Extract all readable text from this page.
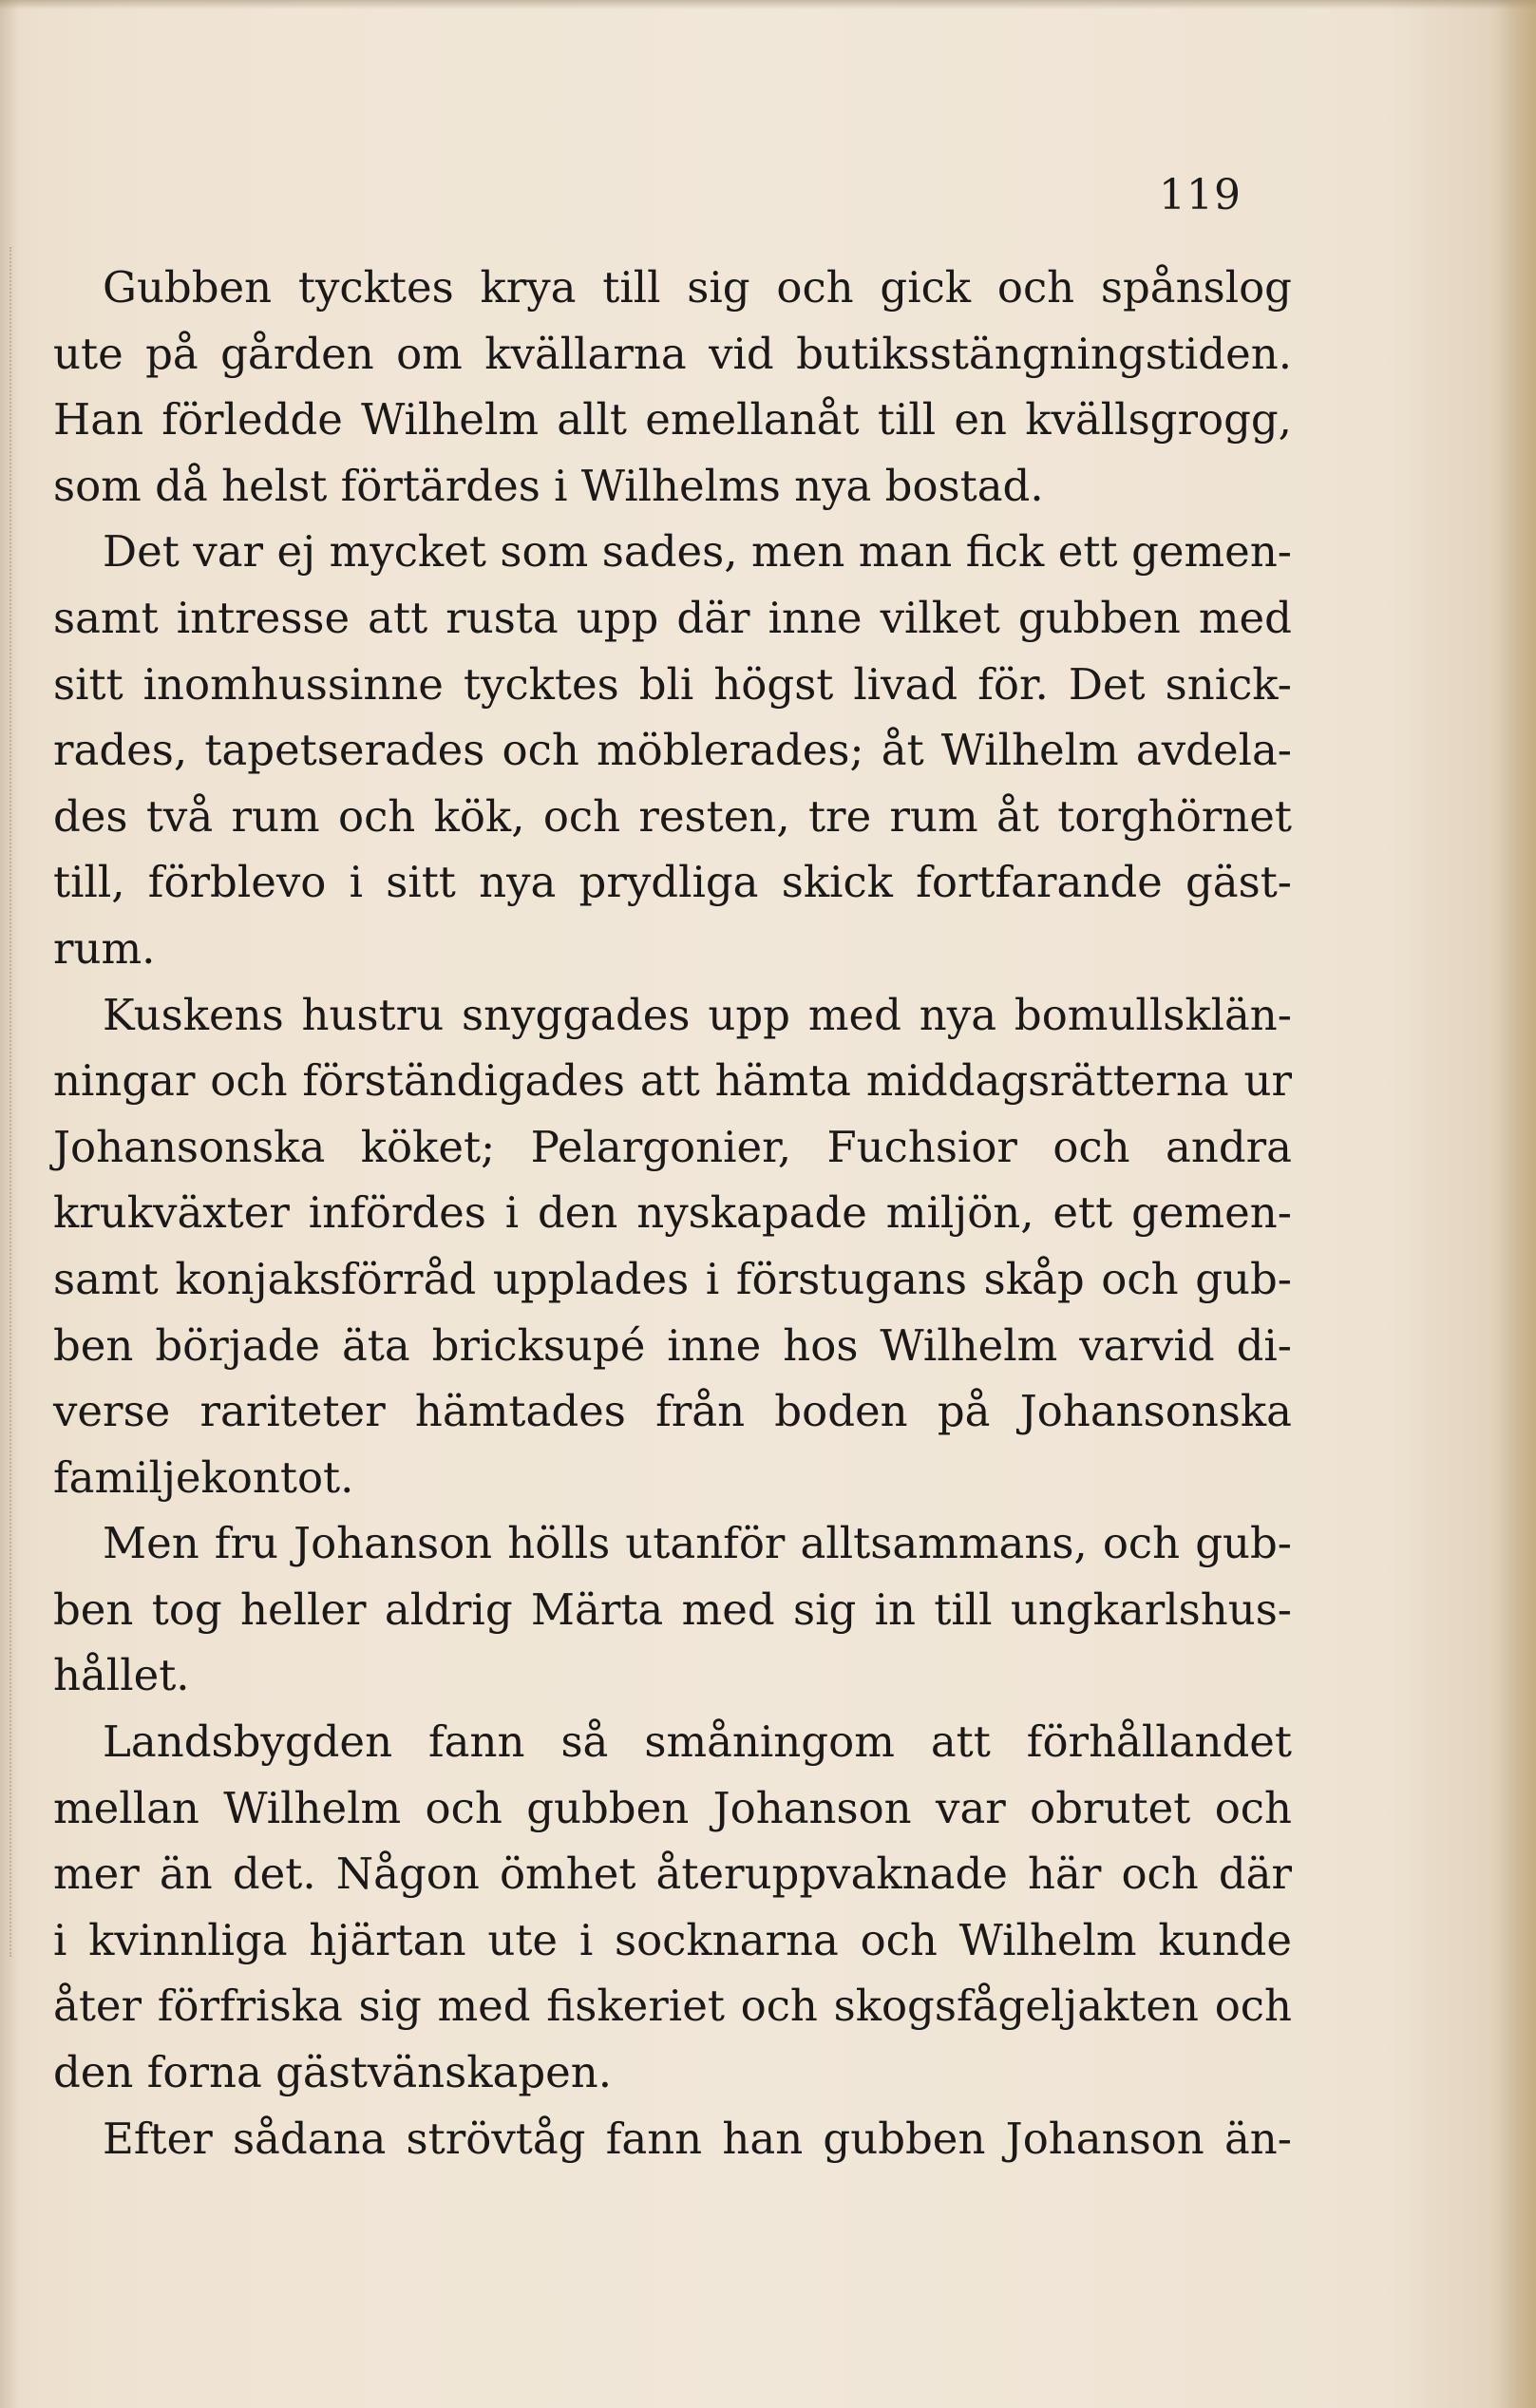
119
Gubben tycktes krya till sig och gick och spånslog
ute på gården om kvällarna vid butiksstängningstiden.
Han förledde Wilhelm allt emellanåt till en kvällsgrogg,
som då helst förtärdes i Wilhelms nya bostad.
Det var ej mycket som sades, men man fick ett gemen-
samt intresse att rusta upp där inne vilket gubben med
sitt inomhussinne tycktes bli högst livad för. Det snick-
rades, tapetserades och möblerades; åt Wilhelm avdela-
des två rum och kök, och resten, tre rum åt torghörnet
till, förblevo i sitt nya prydliga skick fortfarande gäst-
rum.
Kuskens hustru snyggades upp med nya bomullsklän-
ningar och förständigades att hämta middagsrätterna ur
Johansonska köket; Pelargonier, Fuchsior och andra
krukväxter infördes i den nyskapade miljön, ett gemen-
samt konjaksförråd upplades i förstugans skåp och gub-
ben började äta bricksupé inne hos Wilhelm varvid di-
verse rariteter hämtades från boden på Johansonska
familjekontot.
Men fru Johanson hölls utanför alltsammans, och gub-
ben tog heller aldrig Märta med sig in till ungkarlshus-
hållet.
Landsbygden fann så småningom att förhållandet
mellan Wilhelm och gubben Johanson var obrutet och
mer än det. Någon ömhet återuppvaknade här och där
i kvinnliga hjärtan ute i socknarna och Wilhelm kunde
åter förfriska sig med fiskeriet och skogsfågeljakten och
den forna gästvänskapen.
Efter sådana strövtåg fann han gubben Johanson än-
